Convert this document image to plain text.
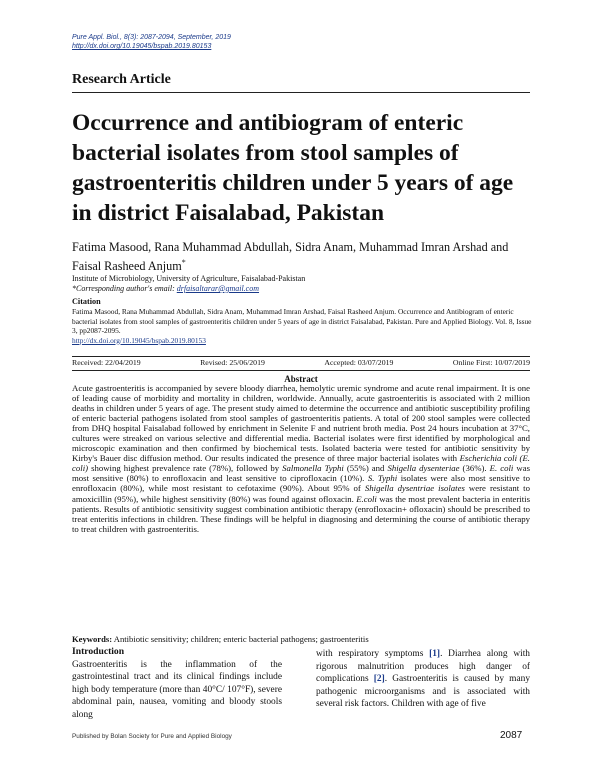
Pure Appl. Biol., 8(3): 2087-2094, September, 2019
http://dx.doi.org/10.19045/bspab.2019.80153
Research Article
Occurrence and antibiogram of enteric bacterial isolates from stool samples of gastroenteritis children under 5 years of age in district Faisalabad, Pakistan
Fatima Masood, Rana Muhammad Abdullah, Sidra Anam, Muhammad Imran Arshad and Faisal Rasheed Anjum*
Institute of Microbiology, University of Agriculture, Faisalabad-Pakistan
*Corresponding author's email: drfaisaltarar@gmail.com
Citation
Fatima Masood, Rana Muhammad Abdullah, Sidra Anam, Muhammad Imran Arshad, Faisal Rasheed Anjum. Occurrence and Antibiogram of enteric bacterial isolates from stool samples of gastroenteritis children under 5 years of age in district Faisalabad, Pakistan. Pure and Applied Biology. Vol. 8, Issue 3, pp2087-2095.
http://dx.doi.org/10.19045/bspab.2019.80153
Received: 22/04/2019	Revised: 25/06/2019	Accepted: 03/07/2019	Online First: 10/07/2019
Abstract
Acute gastroenteritis is accompanied by severe bloody diarrhea, hemolytic uremic syndrome and acute renal impairment. It is one of leading cause of morbidity and mortality in children, worldwide. Annually, acute gastroenteritis is associated with 2 million deaths in children under 5 years of age. The present study aimed to determine the occurrence and antibiotic susceptibility profiling of enteric bacterial pathogens isolated from stool samples of gastroenteritis patients. A total of 200 stool samples were collected from DHQ hospital Faisalabad followed by enrichment in Selenite F and nutrient broth media. Post 24 hours incubation at 37°C, cultures were streaked on various selective and differential media. Bacterial isolates were first identified by morphological and microscopic examination and then confirmed by biochemical tests. Isolated bacteria were tested for antibiotic sensitivity by Kirby's Bauer disc diffusion method. Our results indicated the presence of three major bacterial isolates with Escherichia coli (E. coli) showing highest prevalence rate (78%), followed by Salmonella Typhi (55%) and Shigella dysenteriae (36%). E. coli was most sensitive (80%) to enrofloxacin and least sensitive to ciprofloxacin (10%). S. Typhi isolates were also most sensitive to enrofloxacin (80%), while most resistant to cefotaxime (90%). About 95% of Shigella dysentriae isolates were resistant to amoxicillin (95%), while highest sensitivity (80%) was found against ofloxacin. E.coli was the most prevalent bacteria in enteritis patients. Results of antibiotic sensitivity suggest combination antibiotic therapy (enrofloxacin+ ofloxacin) should be prescribed to treat enteritis infections in children. These findings will be helpful in diagnosing and determining the course of antibiotic therapy to treat children with gastroenteritis.
Keywords: Antibiotic sensitivity; children; enteric bacterial pathogens; gastroenteritis
Introduction
Gastroenteritis is the inflammation of the gastrointestinal tract and its clinical findings include high body temperature (more than 40°C/ 107°F), severe abdominal pain, nausea, vomiting and bloody stools along
with respiratory symptoms [1]. Diarrhea along with rigorous malnutrition produces high danger of complications [2]. Gastroenteritis is caused by many pathogenic microorganisms and is associated with several risk factors. Children with age of five
Published by Bolan Society for Pure and Applied Biology	2087
